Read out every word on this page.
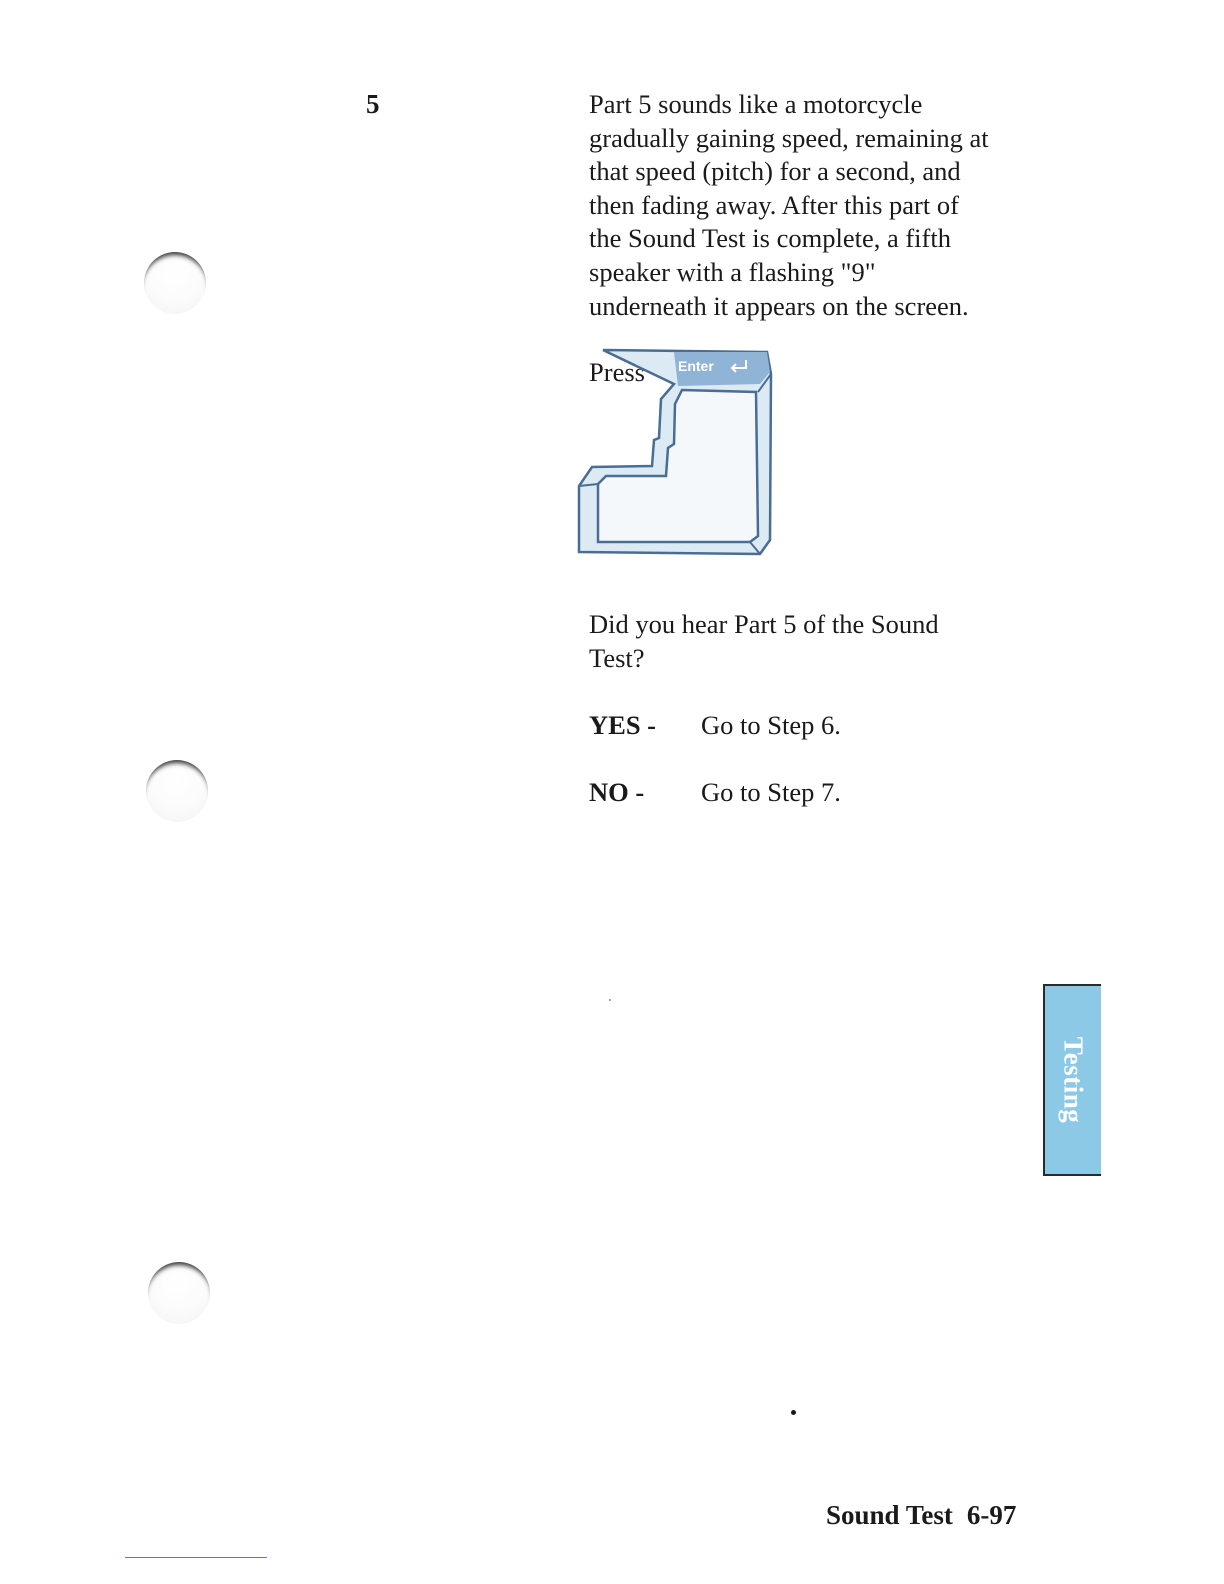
5	Part 5 sounds like a motorcycle
gradually gaining speed, remaining at
that speed (pitch) for a second, and
then fading away. After this part of
the Sound Test is complete, a fifth
speaker with a flashing "9"
underneath it appears on the screen.
Press Enter
Did you hear Part 5 of the Sound
Test?
YES - Go to Step 6.
NO - Go to Step 7.
Testing
Sound Test 6-97
